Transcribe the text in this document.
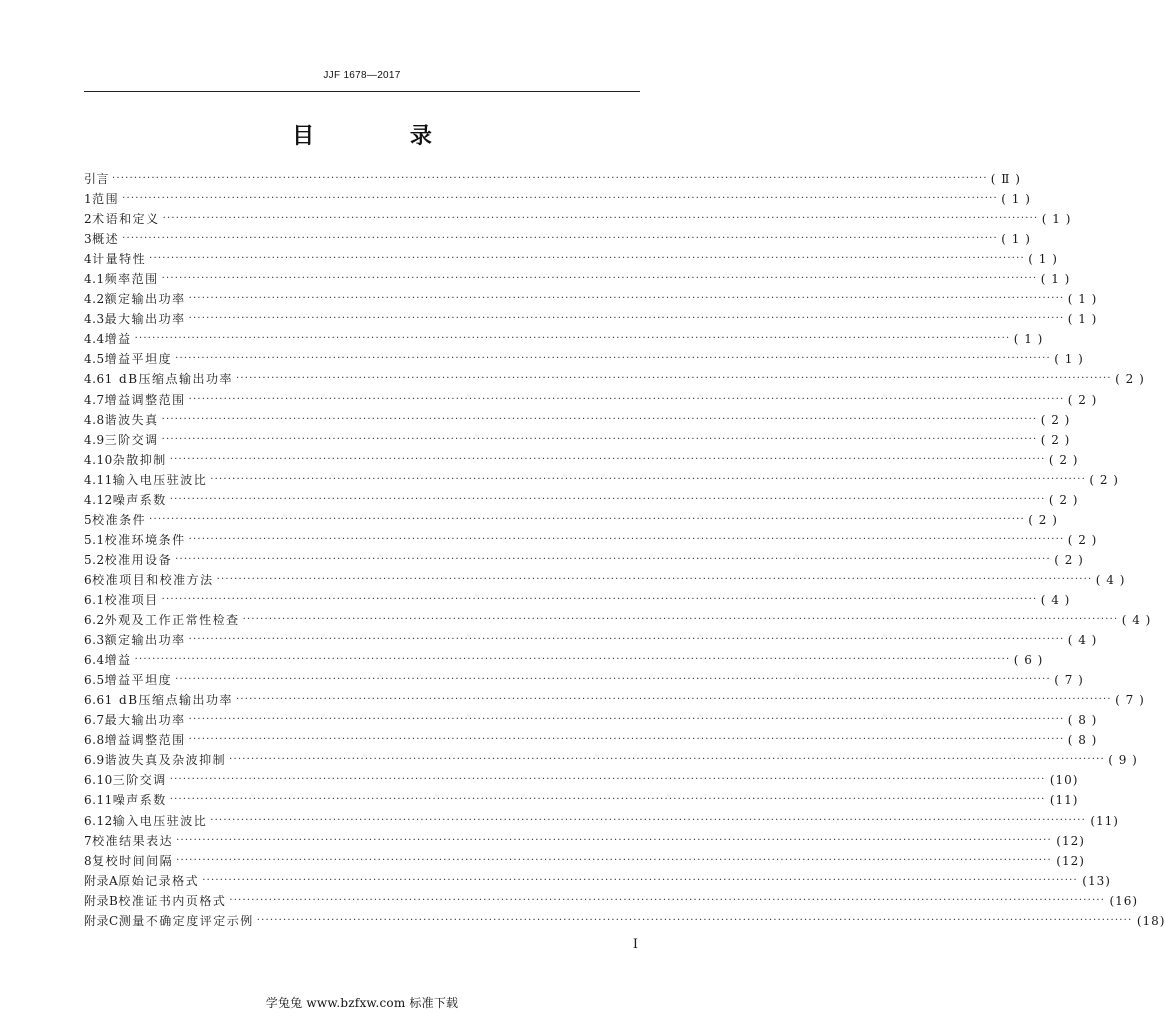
JJF 1678—2017
目 录
引言 ········································································································································································································ ( Ⅱ )
1 范围 ········································································································································································································ ( 1 )
2 术语和定义 ········································································································································································································ ( 1 )
3 概述 ········································································································································································································ ( 1 )
4 计量特性 ········································································································································································································ ( 1 )
4.1 频率范围 ········································································································································································································ ( 1 )
4.2 额定输出功率 ········································································································································································································ ( 1 )
4.3 最大输出功率 ········································································································································································································ ( 1 )
4.4 增益 ········································································································································································································ ( 1 )
4.5 增益平坦度 ········································································································································································································ ( 1 )
4.6 1 dB压缩点输出功率 ········································································································································································································ ( 2 )
4.7 增益调整范围 ········································································································································································································ ( 2 )
4.8 谐波失真 ········································································································································································································ ( 2 )
4.9 三阶交调 ········································································································································································································ ( 2 )
4.10 杂散抑制 ········································································································································································································ ( 2 )
4.11 输入电压驻波比 ········································································································································································································ ( 2 )
4.12 噪声系数 ········································································································································································································ ( 2 )
5 校准条件 ········································································································································································································ ( 2 )
5.1 校准环境条件 ········································································································································································································ ( 2 )
5.2 校准用设备 ········································································································································································································ ( 2 )
6 校准项目和校准方法 ········································································································································································································ ( 4 )
6.1 校准项目 ········································································································································································································ ( 4 )
6.2 外观及工作正常性检查 ········································································································································································································ ( 4 )
6.3 额定输出功率 ········································································································································································································ ( 4 )
6.4 增益 ········································································································································································································ ( 6 )
6.5 增益平坦度 ········································································································································································································ ( 7 )
6.6 1 dB压缩点输出功率 ········································································································································································································ ( 7 )
6.7 最大输出功率 ········································································································································································································ ( 8 )
6.8 增益调整范围 ········································································································································································································ ( 8 )
6.9 谐波失真及杂波抑制 ········································································································································································································ ( 9 )
6.10 三阶交调 ········································································································································································································ (10)
6.11 噪声系数 ········································································································································································································ (11)
6.12 输入电压驻波比 ········································································································································································································ (11)
7 校准结果表达 ········································································································································································································ (12)
8 复校时间间隔 ········································································································································································································ (12)
附录A 原始记录格式 ········································································································································································································ (13)
附录B 校准证书内页格式 ········································································································································································································ (16)
附录C 测量不确定度评定示例 ········································································································································································································ (18)
I
学兔兔 www.bzfxw.com 标准下载
